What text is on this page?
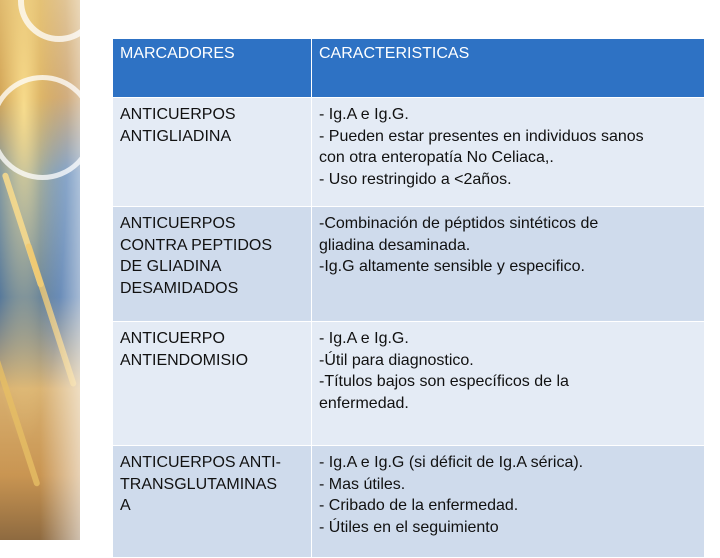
MARCADORES	CARACTERISTICAS

ANTICUERPOS
ANTIGLIADINA	- Ig.A e Ig.G.
- Pueden estar presentes en individuos sanos
con otra enteropatía No Celiaca,.
- Uso restringido a <2años.

ANTICUERPOS
CONTRA PEPTIDOS
DE GLIADINA
DESAMIDADOS	-Combinación de péptidos sintéticos de
gliadina desaminada.
-Ig.G altamente sensible y especifico.

ANTICUERPO
ANTIENDOMISIO	- Ig.A e Ig.G.
-Útil para diagnostico.
-Títulos bajos son específicos de la
enfermedad.

ANTICUERPOS ANTI-
TRANSGLUTAMINAS
A	- Ig.A e Ig.G (si déficit de Ig.A sérica).
- Mas útiles.
- Cribado de la enfermedad.
- Útiles en el seguimiento
